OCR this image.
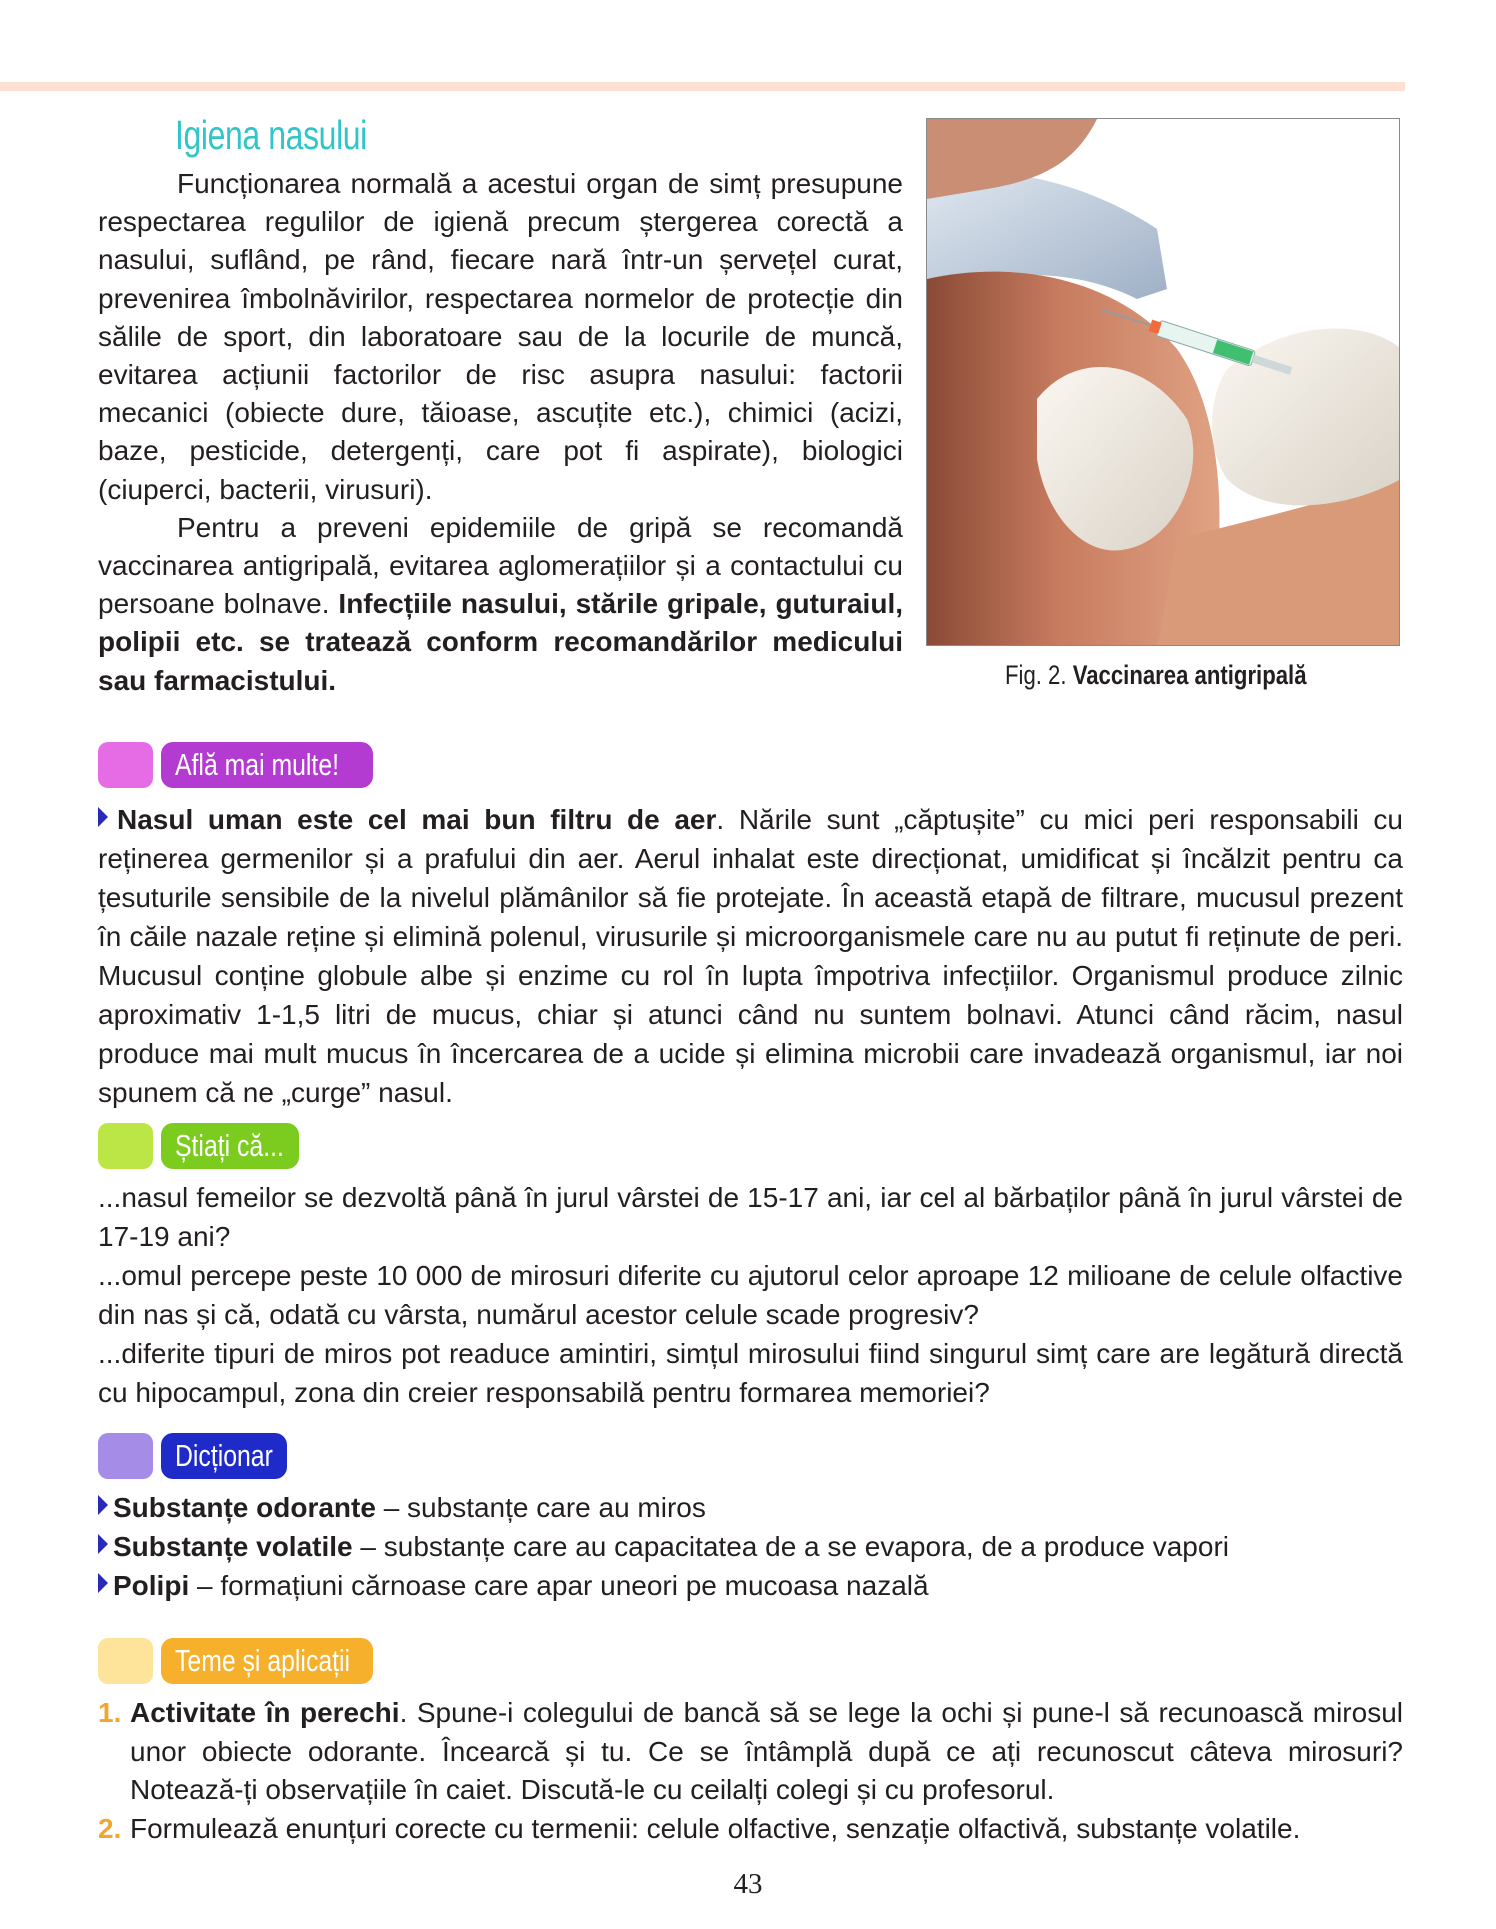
Igiena nasului

Funcționarea normală a acestui organ de simț presupune respectarea regulilor de igienă precum ștergerea corectă a nasului, suflând, pe rând, fiecare nară într-un șervețel curat, prevenirea îmbolnăvirilor, respectarea normelor de protecție din sălile de sport, din laboratoare sau de la locurile de muncă, evitarea acțiunii factorilor de risc asupra nasului: factorii mecanici (obiecte dure, tăioase, ascuțite etc.), chimici (acizi, baze, pesticide, detergenți, care pot fi aspirate), biologici (ciuperci, bacterii, virusuri).

Pentru a preveni epidemiile de gripă se recomandă vaccinarea antigripală, evitarea aglomerațiilor și a contactului cu persoane bolnave. Infecțiile nasului, stările gripale, guturaiul, polipii etc. se tratează conform recomandărilor medicului sau farmacistului.	Fig. 2. Vaccinarea antigripală
Află mai multe!

Nasul uman este cel mai bun filtru de aer. Nările sunt „căptușite” cu mici peri responsabili cu reținerea germenilor și a prafului din aer. Aerul inhalat este direcționat, umidificat și încălzit pentru ca țesuturile sensibile de la nivelul plămânilor să fie protejate. În această etapă de filtrare, mucusul prezent în căile nazale reține și elimină polenul, virusurile și microorganismele care nu au putut fi reținute de peri. Mucusul conține globule albe și enzime cu rol în lupta împotriva infecțiilor. Organismul produce zilnic aproximativ 1-1,5 litri de mucus, chiar și atunci când nu suntem bolnavi. Atunci când răcim, nasul produce mai mult mucus în încercarea de a ucide și elimina microbii care invadează organismul, iar noi spunem că ne „curge” nasul.

Știați că...

...nasul femeilor se dezvoltă până în jurul vârstei de 15-17 ani, iar cel al bărbaților până în jurul vârstei de 17-19 ani?

...omul percepe peste 10 000 de mirosuri diferite cu ajutorul celor aproape 12 milioane de celule olfactive din nas și că, odată cu vârsta, numărul acestor celule scade progresiv?

...diferite tipuri de miros pot readuce amintiri, simțul mirosului fiind singurul simț care are legătură directă cu hipocampul, zona din creier responsabilă pentru formarea memoriei?

Dicționar
Substanțe odorante – substanțe care au miros
Substanțe volatile – substanțe care au capacitatea de a se evapora, de a produce vapori
Polipi – formațiuni cărnoase care apar uneori pe mucoasa nazală
Teme și aplicații
1. Activitate în perechi. Spune-i colegului de bancă să se lege la ochi și pune-l să recunoască mirosul unor obiecte odorante. Încearcă și tu. Ce se întâmplă după ce ați recunoscut câteva mirosuri? Notează-ți observațiile în caiet. Discută-le cu ceilalți colegi și cu profesorul.
2. Formulează enunțuri corecte cu termenii: celule olfactive, senzație olfactivă, substanțe volatile.
43
